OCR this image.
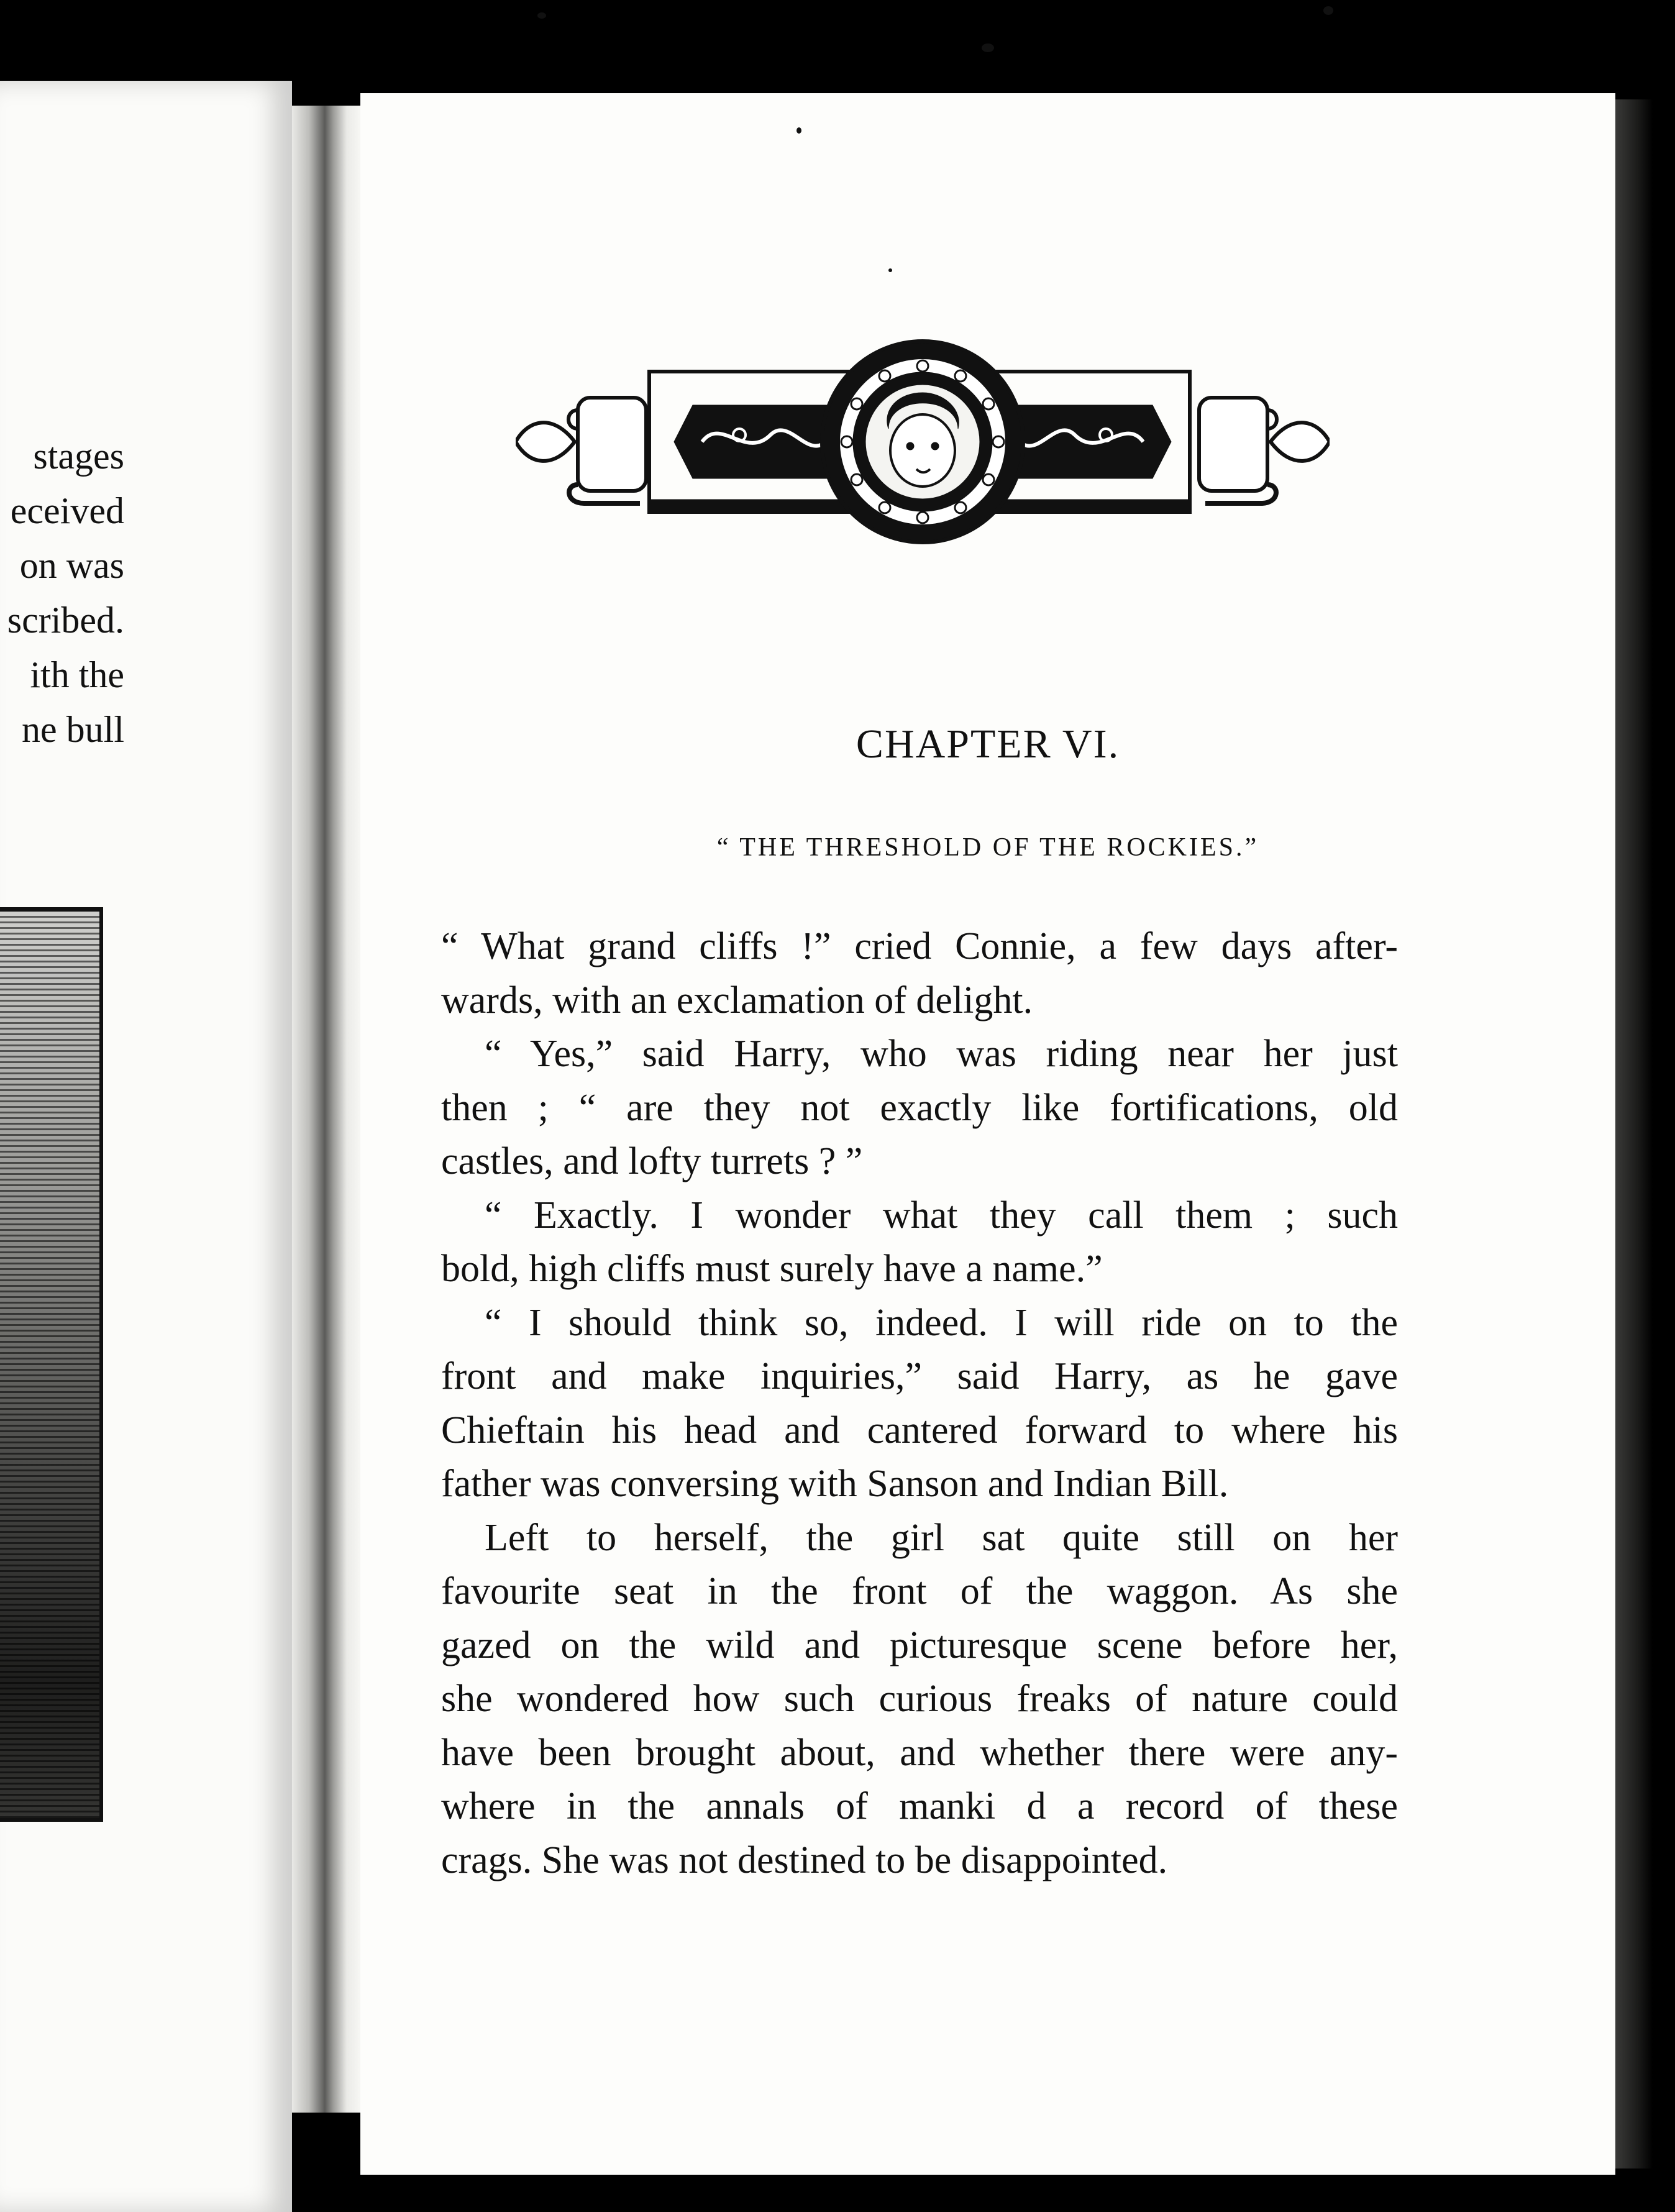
stages
eceived
on was
scribed.
ith the
ne bull	CHAPTER VI.
“ THE THRESHOLD OF THE ROCKIES.”
“ What grand cliffs !” cried Connie, a few days after-
wards, with an exclamation of delight.
“ Yes,” said Harry, who was riding near her just
then ; “ are they not exactly like fortifications, old
castles, and lofty turrets ? ”
“ Exactly. I wonder what they call them ; such
bold, high cliffs must surely have a name.”
“ I should think so, indeed. I will ride on to the
front and make inquiries,” said Harry, as he gave
Chieftain his head and cantered forward to where his
father was conversing with Sanson and Indian Bill.
Left to herself, the girl sat quite still on her
favourite seat in the front of the waggon. As she
gazed on the wild and picturesque scene before her,
she wondered how such curious freaks of nature could
have been brought about, and whether there were any-
where in the annals of manki d a record of these
crags. She was not destined to be disappointed.
